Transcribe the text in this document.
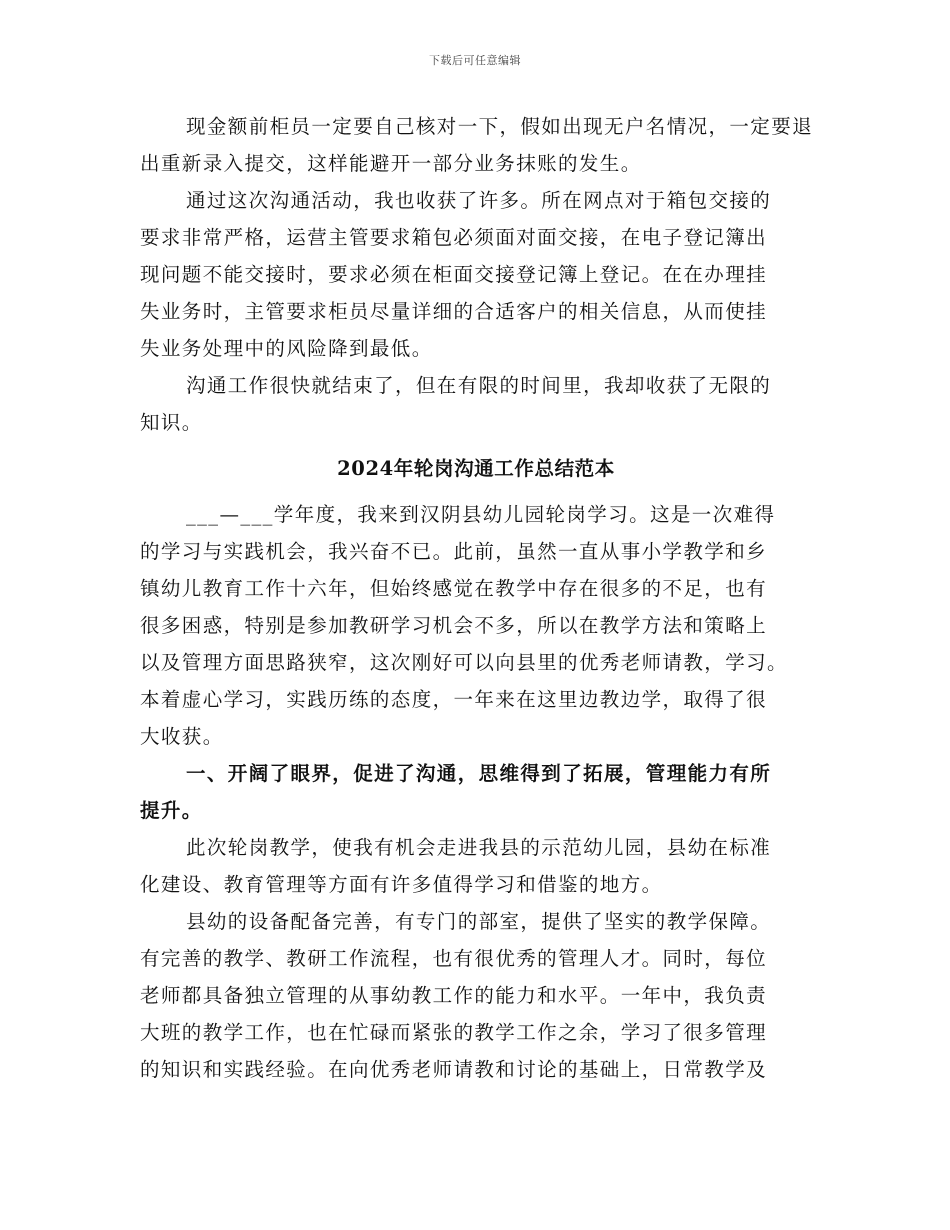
下载后可任意编辑
现金额前柜员一定要自己核对一下，假如出现无户名情况，一定要退
出重新录入提交，这样能避开一部分业务抹账的发生。
通过这次沟通活动，我也收获了许多。所在网点对于箱包交接的
要求非常严格，运营主管要求箱包必须面对面交接，在电子登记簿出
现问题不能交接时，要求必须在柜面交接登记簿上登记。在在办理挂
失业务时，主管要求柜员尽量详细的合适客户的相关信息，从而使挂
失业务处理中的风险降到最低。
沟通工作很快就结束了，但在有限的时间里，我却收获了无限的
知识。
2024年轮岗沟通工作总结范本
___—___学年度，我来到汉阴县幼儿园轮岗学习。这是一次难得
的学习与实践机会，我兴奋不已。此前，虽然一直从事小学教学和乡
镇幼儿教育工作十六年，但始终感觉在教学中存在很多的不足，也有
很多困惑，特别是参加教研学习机会不多，所以在教学方法和策略上
以及管理方面思路狭窄，这次刚好可以向县里的优秀老师请教，学习。
本着虚心学习，实践历练的态度，一年来在这里边教边学，取得了很
大收获。
一、开阔了眼界，促进了沟通，思维得到了拓展，管理能力有所
提升。
此次轮岗教学，使我有机会走进我县的示范幼儿园，县幼在标准
化建设、教育管理等方面有许多值得学习和借鉴的地方。
县幼的设备配备完善，有专门的部室，提供了坚实的教学保障。
有完善的教学、教研工作流程，也有很优秀的管理人才。同时，每位
老师都具备独立管理的从事幼教工作的能力和水平。一年中，我负责
大班的教学工作，也在忙碌而紧张的教学工作之余，学习了很多管理
的知识和实践经验。在向优秀老师请教和讨论的基础上，日常教学及
